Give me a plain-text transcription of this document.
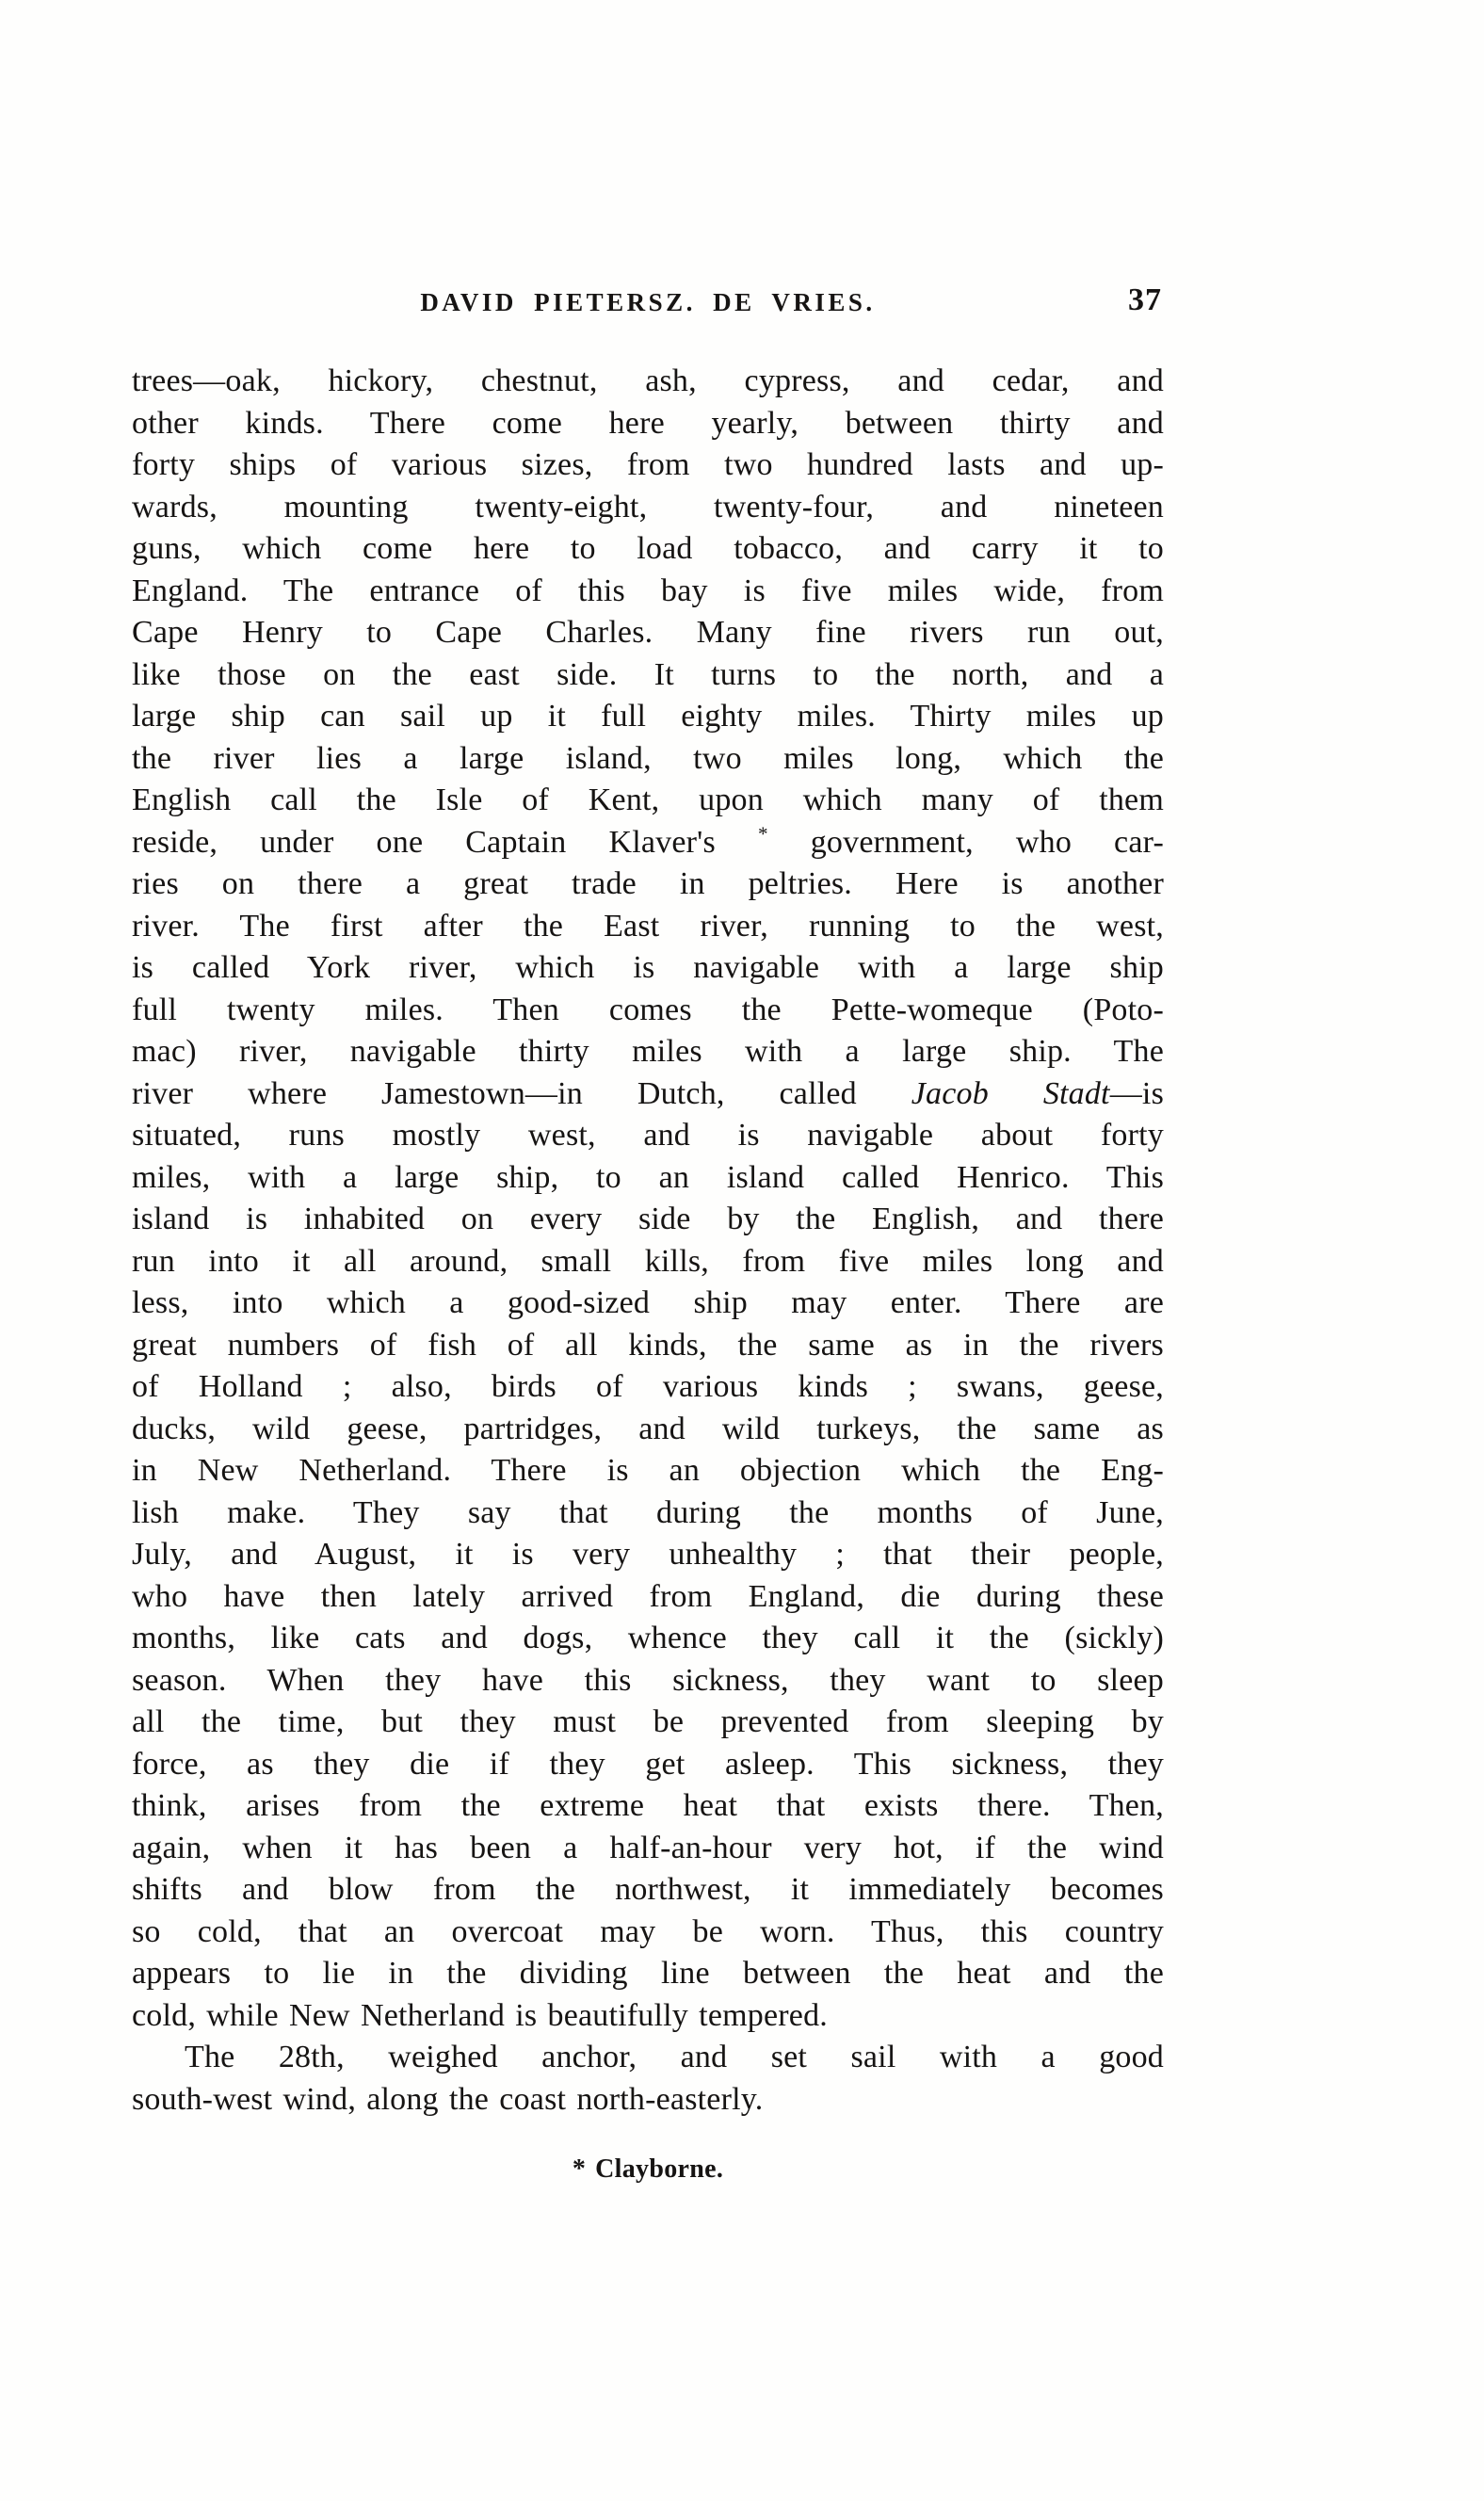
DAVID PIETERSZ. DE VRIES.	37
trees—oak, hickory, chestnut, ash, cypress, and cedar, and
other kinds. There come here yearly, between thirty and
forty ships of various sizes, from two hundred lasts and up-
wards, mounting twenty-eight, twenty-four, and nineteen
guns, which come here to load tobacco, and carry it to
England. The entrance of this bay is five miles wide, from
Cape Henry to Cape Charles. Many fine rivers run out,
like those on the east side. It turns to the north, and a
large ship can sail up it full eighty miles. Thirty miles up
the river lies a large island, two miles long, which the
English call the Isle of Kent, upon which many of them
reside, under one Captain Klaver's * government, who car-
ries on there a great trade in peltries. Here is another
river. The first after the East river, running to the west,
is called York river, which is navigable with a large ship
full twenty miles. Then comes the Pette-womeque (Poto-
mac) river, navigable thirty miles with a large ship. The
river where Jamestown—in Dutch, called Jacob Stadt—is
situated, runs mostly west, and is navigable about forty
miles, with a large ship, to an island called Henrico. This
island is inhabited on every side by the English, and there
run into it all around, small kills, from five miles long and
less, into which a good-sized ship may enter. There are
great numbers of fish of all kinds, the same as in the rivers
of Holland ; also, birds of various kinds ; swans, geese,
ducks, wild geese, partridges, and wild turkeys, the same as
in New Netherland. There is an objection which the Eng-
lish make. They say that during the months of June,
July, and August, it is very unhealthy ; that their people,
who have then lately arrived from England, die during these
months, like cats and dogs, whence they call it the (sickly)
season. When they have this sickness, they want to sleep
all the time, but they must be prevented from sleeping by
force, as they die if they get asleep. This sickness, they
think, arises from the extreme heat that exists there. Then,
again, when it has been a half-an-hour very hot, if the wind
shifts and blow from the northwest, it immediately becomes
so cold, that an overcoat may be worn. Thus, this country
appears to lie in the dividing line between the heat and the
cold, while New Netherland is beautifully tempered.
The 28th, weighed anchor, and set sail with a good
south-west wind, along the coast north-easterly.
* Clayborne.
